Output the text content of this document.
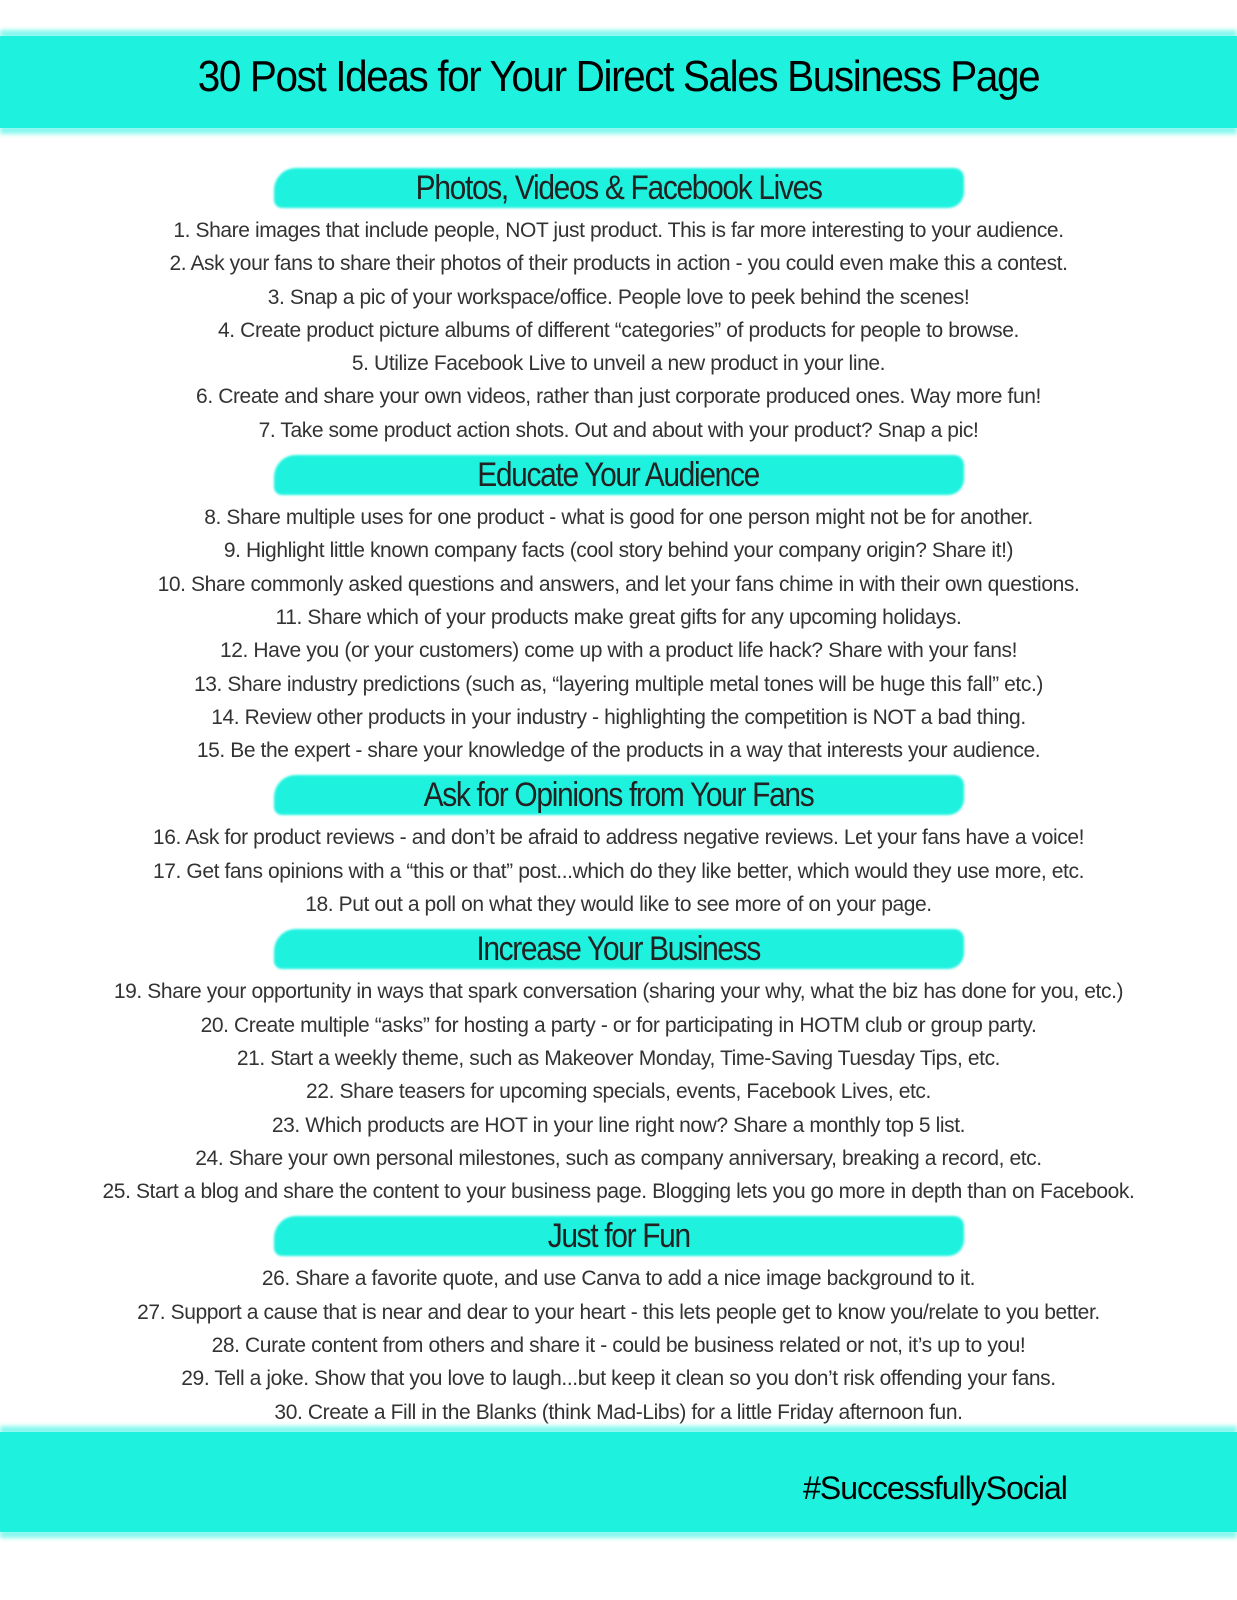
30 Post Ideas for Your Direct Sales Business Page
Photos, Videos & Facebook Lives
1. Share images that include people, NOT just product. This is far more interesting to your audience.
2. Ask your fans to share their photos of their products in action - you could even make this a contest.
3. Snap a pic of your workspace/office. People love to peek behind the scenes!
4. Create product picture albums of different “categories” of products for people to browse.
5. Utilize Facebook Live to unveil a new product in your line.
6. Create and share your own videos, rather than just corporate produced ones. Way more fun!
7. Take some product action shots. Out and about with your product? Snap a pic!
Educate Your Audience
8. Share multiple uses for one product - what is good for one person might not be for another.
9. Highlight little known company facts (cool story behind your company origin? Share it!)
10. Share commonly asked questions and answers, and let your fans chime in with their own questions.
11. Share which of your products make great gifts for any upcoming holidays.
12. Have you (or your customers) come up with a product life hack? Share with your fans!
13. Share industry predictions (such as, “layering multiple metal tones will be huge this fall” etc.)
14. Review other products in your industry - highlighting the competition is NOT a bad thing.
15. Be the expert - share your knowledge of the products in a way that interests your audience.
Ask for Opinions from Your Fans
16. Ask for product reviews - and don’t be afraid to address negative reviews. Let your fans have a voice!
17. Get fans opinions with a “this or that” post...which do they like better, which would they use more, etc.
18. Put out a poll on what they would like to see more of on your page.
Increase Your Business
19. Share your opportunity in ways that spark conversation (sharing your why, what the biz has done for you, etc.)
20. Create multiple “asks” for hosting a party - or for participating in HOTM club or group party.
21. Start a weekly theme, such as Makeover Monday, Time-Saving Tuesday Tips, etc.
22. Share teasers for upcoming specials, events, Facebook Lives, etc.
23. Which products are HOT in your line right now? Share a monthly top 5 list.
24. Share your own personal milestones, such as company anniversary, breaking a record, etc.
25. Start a blog and share the content to your business page. Blogging lets you go more in depth than on Facebook.
Just for Fun
26. Share a favorite quote, and use Canva to add a nice image background to it.
27. Support a cause that is near and dear to your heart - this lets people get to know you/relate to you better.
28. Curate content from others and share it - could be business related or not, it’s up to you!
29. Tell a joke. Show that you love to laugh...but keep it clean so you don’t risk offending your fans.
30. Create a Fill in the Blanks (think Mad-Libs) for a little Friday afternoon fun.
#SuccessfullySocial
